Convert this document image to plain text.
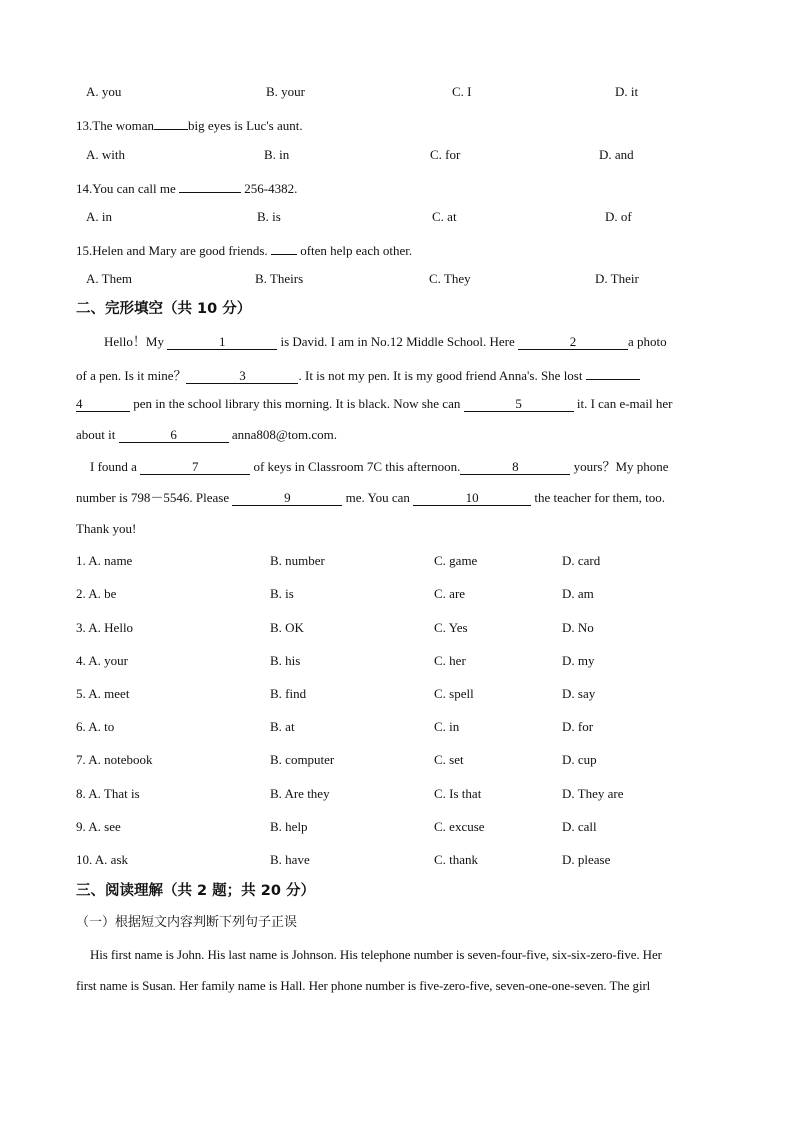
A. you	B. your	C. I	D. it
13.The woman	big eyes is Luc's aunt.
A. with	B. in	C. for	D. and
14.You can call me	256-4382.
A. in	B. is	C. at	D. of
15.Helen and Mary are good friends.	often help each other.
A. Them	B. Theirs	C. They	D. Their
二、完形填空（共 10 分）
Hello！My	1	is David. I am in No.12 Middle School. Here	2	a photo
of a pen. Is it mine？	3	. It is not my pen. It is my good friend Anna's. She lost
4	pen in the school library this morning. It is black. Now she can	5	it. I can e-mail her
about it	6	anna808@tom.com.
I found a	7	of keys in Classroom 7C this afternoon.	8	yours？My phone
number is 798－5546. Please	9	me. You can	10	the teacher for them, too.
Thank you!
1. A. name	B. number	C. game	D. card
2. A. be	B. is	C. are	D. am
3. A. Hello	B. OK	C. Yes	D. No
4. A. your	B. his	C. her	D. my
5. A. meet	B. find	C. spell	D. say
6. A. to	B. at	C. in	D. for
7. A. notebook	B. computer	C. set	D. cup
8. A. That is	B. Are they	C. Is that	D. They are
9. A. see	B. help	C. excuse	D. call
10. A. ask	B. have	C. thank	D. please
三、阅读理解（共 2 题；共 20 分）
（一）根据短文内容判断下列句子正误
His first name is John. His last name is Johnson. His telephone number is seven-four-five, six-six-zero-five. Her
first name is Susan. Her family name is Hall. Her phone number is five-zero-five, seven-one-one-seven. The girl
